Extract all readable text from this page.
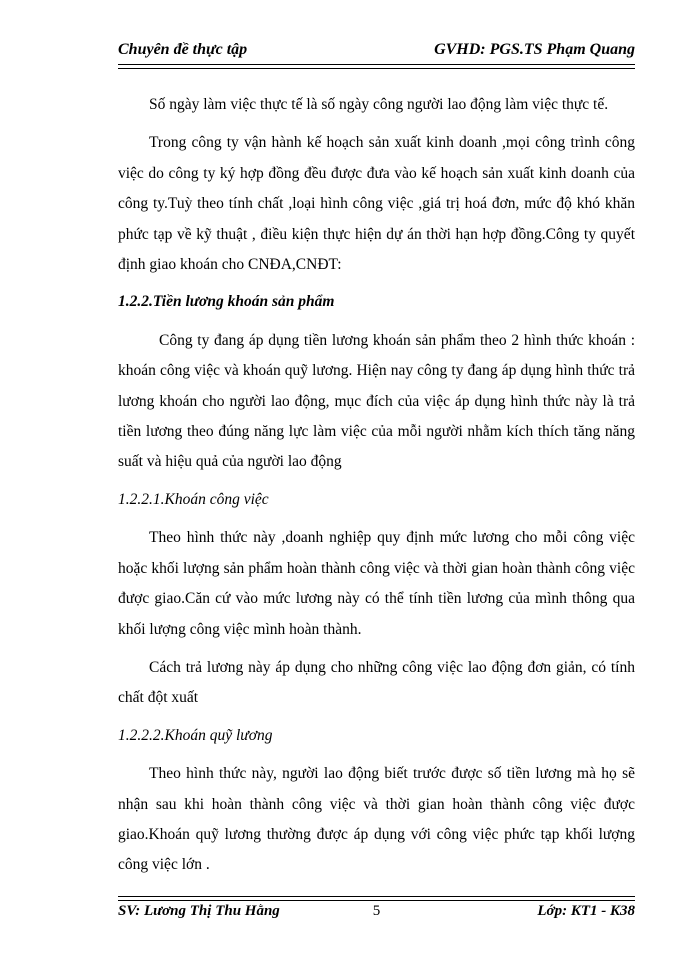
Chuyên đề thực tập	GVHD: PGS.TS Phạm Quang

Số ngày làm việc thực tế là số ngày công người lao động làm việc thực tế.

Trong công ty vận hành kế hoạch sản xuất kinh doanh ,mọi công trình công việc do công ty ký hợp đồng đều được đưa vào kế hoạch sản xuất kinh doanh của công ty.Tuỳ theo tính chất ,loại hình công việc ,giá trị hoá đơn, mức độ khó khăn phức tạp về kỹ thuật , điều kiện thực hiện dự án thời hạn hợp đồng.Công ty quyết định giao khoán cho CNĐA,CNĐT:

1.2.2.Tiền lương khoán sản phẩm

Công ty đang áp dụng tiền lương khoán sản phẩm theo 2 hình thức khoán : khoán công việc và khoán quỹ lương. Hiện nay công ty đang áp dụng hình thức trả lương khoán cho người lao động, mục đích của việc áp dụng hình thức này là trả tiền lương theo đúng năng lực làm việc của mỗi người nhằm kích thích tăng năng suất và hiệu quả của người lao động

1.2.2.1.Khoán công việc

Theo hình thức này ,doanh nghiệp quy định mức lương cho mỗi công việc hoặc khối lượng sản phẩm hoàn thành công việc và thời gian hoàn thành công việc được giao.Căn cứ vào mức lương này có thể tính tiền lương của mình thông qua khối lượng công việc mình hoàn thành.

Cách trả lương này áp dụng cho những công việc lao động đơn giản, có tính chất đột xuất

1.2.2.2.Khoán quỹ lương

Theo hình thức này, người lao động biết trước được số tiền lương mà họ sẽ nhận sau khi hoàn thành công việc và thời gian hoàn thành công việc được giao.Khoán quỹ lương thường được áp dụng với công việc phức tạp khối lượng công việc lớn .

SV: Lương Thị Thu Hằng	5	Lớp: KT1 - K38
